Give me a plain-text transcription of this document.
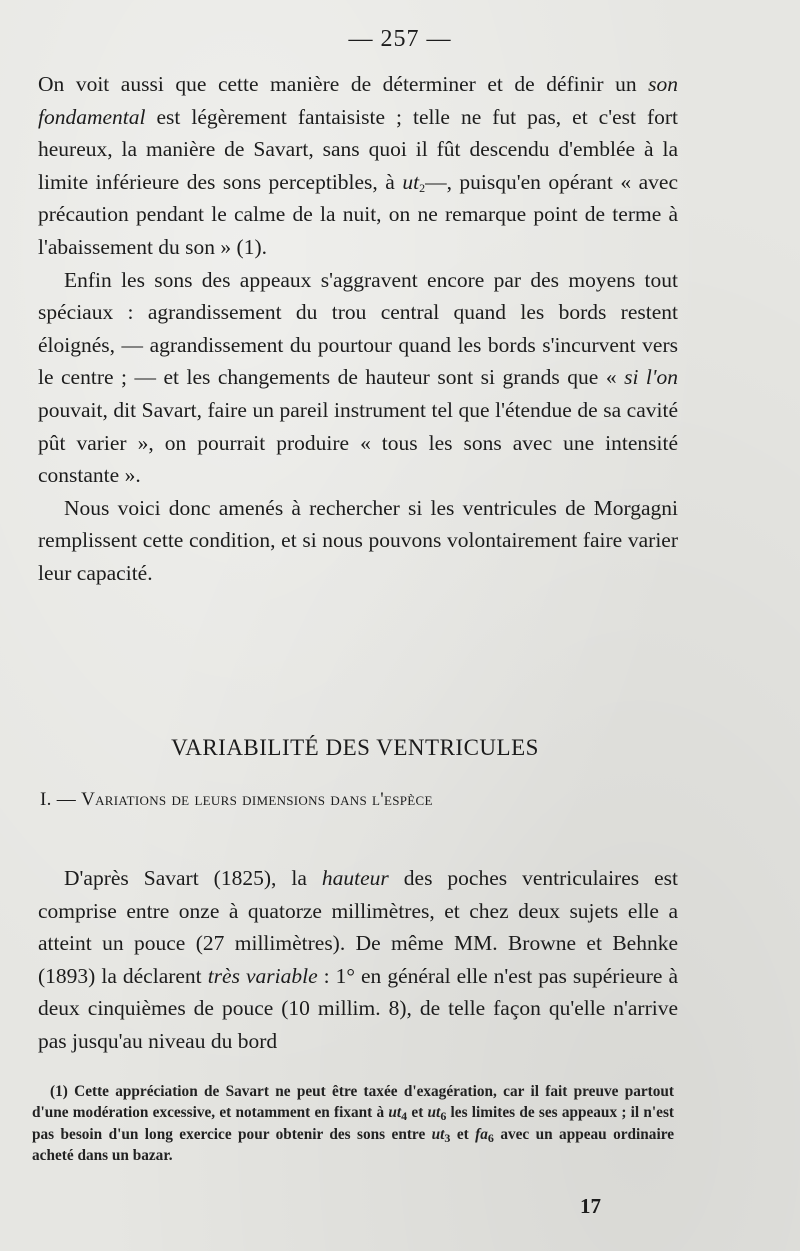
— 257 —

On voit aussi que cette manière de déterminer et de définir un son fondamental est légèrement fantaisiste ; telle ne fut pas, et c'est fort heureux, la manière de Savart, sans quoi il fût descendu d'emblée à la limite inférieure des sons perceptibles, à $ut_2—$, puisqu'en opérant « avec précaution pendant le calme de la nuit, on ne remarque point de terme à l'abaissement du son » (1).

Enfin les sons des appeaux s'aggravent encore par des moyens tout spéciaux : agrandissement du trou central quand les bords restent éloignés, — agrandissement du pourtour quand les bords s'incurvent vers le centre ; — et les changements de hauteur sont si grands que « si l'on pouvait, dit Savart, faire un pareil instrument tel que l'étendue de sa cavité pût varier », on pourrait produire « tous les sons avec une intensité constante ».

Nous voici donc amenés à rechercher si les ventricules de Morgagni remplissent cette condition, et si nous pouvons volontairement faire varier leur capacité.

VARIABILITÉ DES VENTRICULES
I. — Variations de leurs dimensions dans l'espèce

D'après Savart (1825), la hauteur des poches ventriculaires est comprise entre onze à quatorze millimètres, et chez deux sujets elle a atteint un pouce (27 millimètres). De même MM. Browne et Behnke (1893) la déclarent très variable : 1° en général elle n'est pas supérieure à deux cinquièmes de pouce (10 millim. 8), de telle façon qu'elle n'arrive pas jusqu'au niveau du bord

(1) Cette appréciation de Savart ne peut être taxée d'exagération, car il fait preuve partout d'une modération excessive, et notamment en fixant à $ut_4$ et $ut_6$ les limites de ses appeaux ; il n'est pas besoin d'un long exercice pour obtenir des sons entre $ut_3$ et $fa_6$ avec un appeau ordinaire acheté dans un bazar.

17
